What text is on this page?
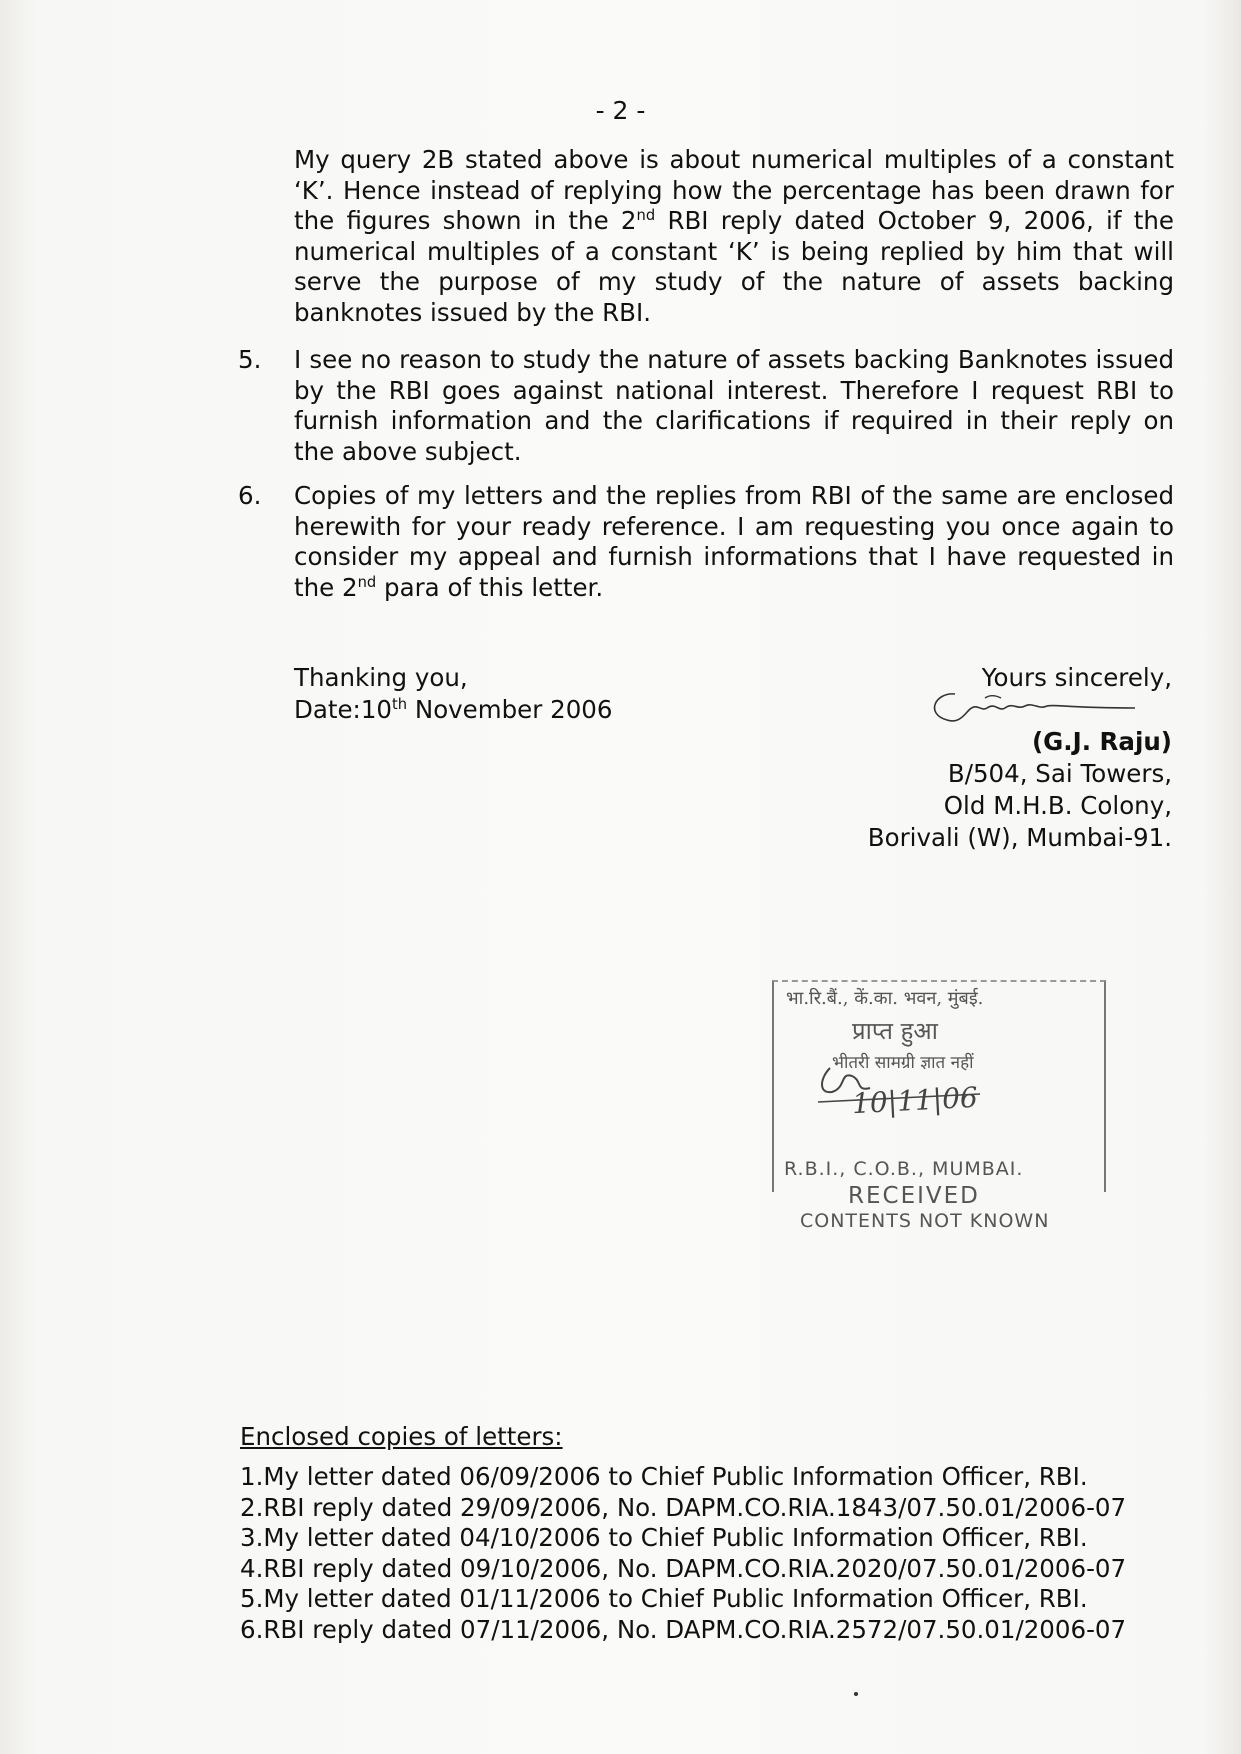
- 2 -
My query 2B stated above is about numerical multiples of a constant ‘K’. Hence instead of replying how the percentage has been drawn for the figures shown in the 2nd RBI reply dated October 9, 2006, if the numerical multiples of a constant ‘K’ is being replied by him that will serve the purpose of my study of the nature of assets backing banknotes issued by the RBI.
5. I see no reason to study the nature of assets backing Banknotes issued by the RBI goes against national interest. Therefore I request RBI to furnish information and the clarifications if required in their reply on the above subject.
6. Copies of my letters and the replies from RBI of the same are enclosed herewith for your ready reference. I am requesting you once again to consider my appeal and furnish informations that I have requested in the 2nd para of this letter.
Thanking you,
Date:10th November 2006
Yours sincerely,
(G.J. Raju)
B/504, Sai Towers,
Old M.H.B. Colony,
Borivali (W), Mumbai-91.
भा.रि.बैं., कें.का. भवन, मुंबई.
प्राप्त हुआ
भीतरी सामग्री ज्ञात नहीं
10|11|06
R.B.I., C.O.B., MUMBAI.
RECEIVED
CONTENTS NOT KNOWN
Enclosed copies of letters:
1.My letter dated 06/09/2006 to Chief Public Information Officer, RBI.
2.RBI reply dated 29/09/2006, No. DAPM.CO.RIA.1843/07.50.01/2006-07
3.My letter dated 04/10/2006 to Chief Public Information Officer, RBI.
4.RBI reply dated 09/10/2006, No. DAPM.CO.RIA.2020/07.50.01/2006-07
5.My letter dated 01/11/2006 to Chief Public Information Officer, RBI.
6.RBI reply dated 07/11/2006, No. DAPM.CO.RIA.2572/07.50.01/2006-07
